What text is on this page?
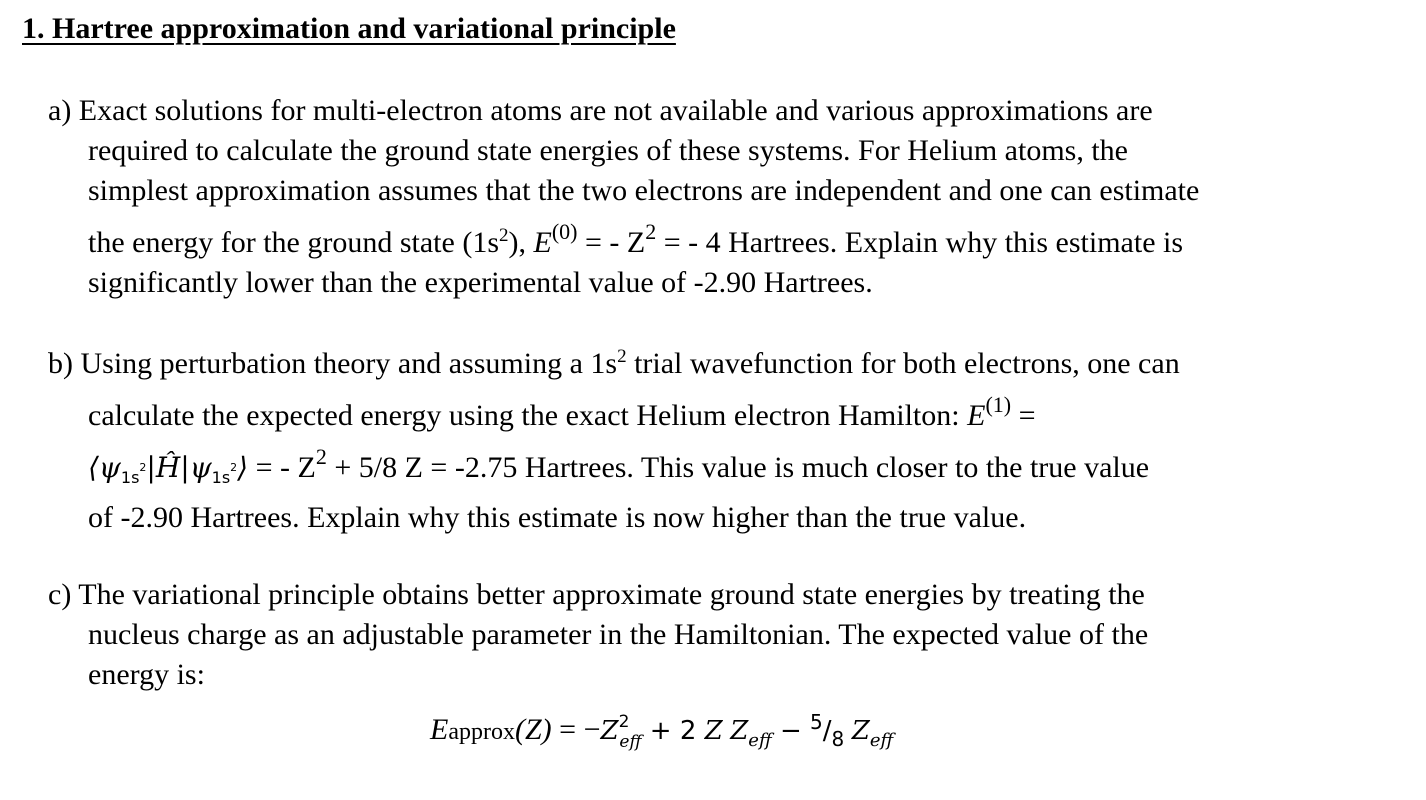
1. Hartree approximation and variational principle
a) Exact solutions for multi-electron atoms are not available and various approximations are
required to calculate the ground state energies of these systems. For Helium atoms, the
simplest approximation assumes that the two electrons are independent and one can estimate
the energy for the ground state $(1s^2)$, $E^{(0)}$ = - $Z^2$ = - 4 Hartrees. Explain why this estimate is
significantly lower than the experimental value of -2.90 Hartrees.
b) Using perturbation theory and assuming a $1s^2$ trial wavefunction for both electrons, one can
calculate the expected energy using the exact Helium electron Hamilton: $E^{(1)}$ =
$⟨\psi_{1s}^2|Ĥ|\psi_{1s}^2⟩$ = - $Z^2 + 5/8$ Z = -2.75 Hartrees. This value is much closer to the true value
of -2.90 Hartrees. Explain why this estimate is now higher than the true value.
c) The variational principle obtains better approximate ground state energies by treating the
nucleus charge as an adjustable parameter in the Hamiltonian. The expected value of the
energy is:
Eapprox(Z) = $-Z^2_{eff} + 2$ Z $Z_{eff} - ^5/_8$ $Z_{eff}$
